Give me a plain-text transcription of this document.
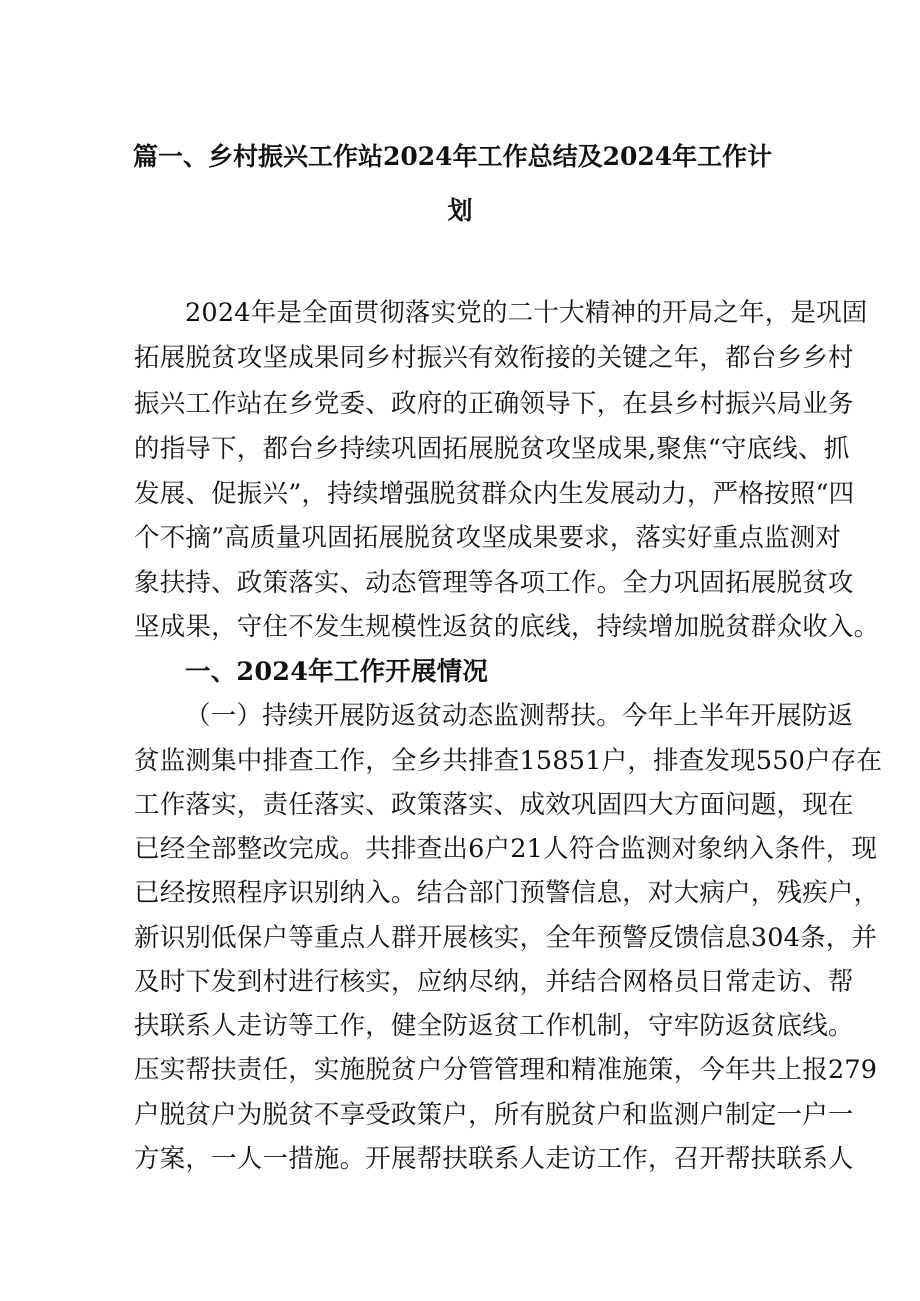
篇一、乡村振兴工作站2024年工作总结及2024年工作计
划
2024年是全面贯彻落实党的二十大精神的开局之年，是巩固
拓展脱贫攻坚成果同乡村振兴有效衔接的关键之年，都台乡乡村
振兴工作站在乡党委、政府的正确领导下，在县乡村振兴局业务
的指导下，都台乡持续巩固拓展脱贫攻坚成果,聚焦“守底线、抓
发展、促振兴”，持续增强脱贫群众内生发展动力，严格按照“四
个不摘”高质量巩固拓展脱贫攻坚成果要求，落实好重点监测对
象扶持、政策落实、动态管理等各项工作。全力巩固拓展脱贫攻
坚成果，守住不发生规模性返贫的底线，持续增加脱贫群众收入。
一、2024年工作开展情况
（一）持续开展防返贫动态监测帮扶。今年上半年开展防返
贫监测集中排查工作，全乡共排查15851户，排查发现550户存在
工作落实，责任落实、政策落实、成效巩固四大方面问题，现在
已经全部整改完成。共排查出6户21人符合监测对象纳入条件，现
已经按照程序识别纳入。结合部门预警信息，对大病户，残疾户，
新识别低保户等重点人群开展核实，全年预警反馈信息304条，并
及时下发到村进行核实，应纳尽纳，并结合网格员日常走访、帮
扶联系人走访等工作，健全防返贫工作机制，守牢防返贫底线。
压实帮扶责任，实施脱贫户分管管理和精准施策，今年共上报279
户脱贫户为脱贫不享受政策户，所有脱贫户和监测户制定一户一
方案，一人一措施。开展帮扶联系人走访工作，召开帮扶联系人
